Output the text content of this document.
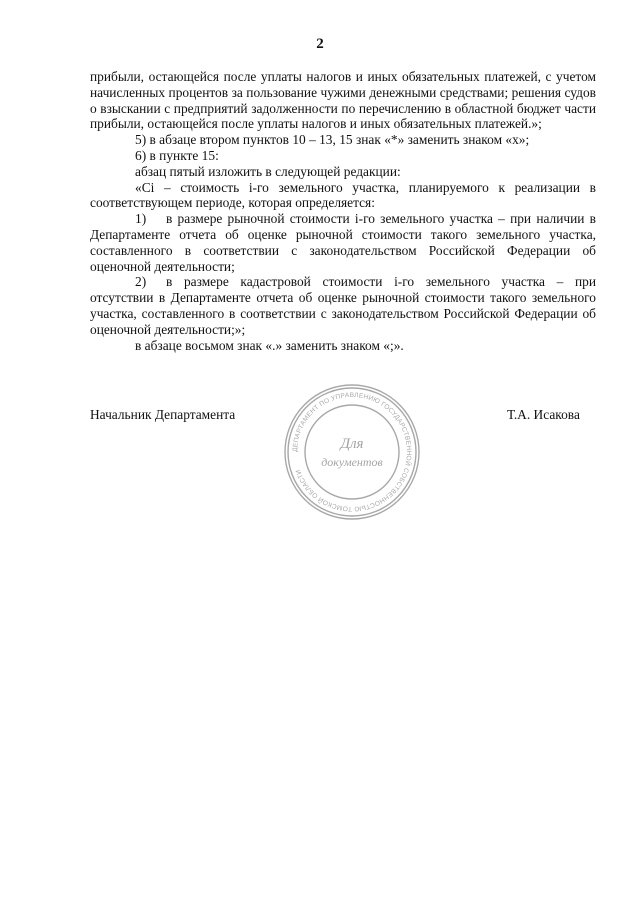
2

прибыли, остающейся после уплаты налогов и иных обязательных платежей, с учетом начисленных процентов за пользование чужими денежными средствами; решения судов о взыскании с предприятий задолженности по перечислению в областной бюджет части прибыли, остающейся после уплаты налогов и иных обязательных платежей.»;

5) в абзаце втором пунктов 10 – 13, 15 знак «*» заменить знаком «х»;

6) в пункте 15:

абзац пятый изложить в следующей редакции:

«Ci – стоимость i-го земельного участка, планируемого к реализации в соответствующем периоде, которая определяется:

1) в размере рыночной стоимости i-го земельного участка – при наличии в Департаменте отчета об оценке рыночной стоимости такого земельного участка, составленного в соответствии с законодательством Российской Федерации об оценочной деятельности;

2) в размере кадастровой стоимости i-го земельного участка – при отсутствии в Департаменте отчета об оценке рыночной стоимости такого земельного участка, составленного в соответствии с законодательством Российской Федерации об оценочной деятельности;»;

в абзаце восьмом знак «.» заменить знаком «;».

Начальник Департамента
ДЕПАРТАМЕНТ ПО УПРАВЛЕНИЮ ГОСУДАРСТВЕННОЙ СОБСТВЕННОСТЬЮ ТОМСКОЙ ОБЛАСТИ
Для
документов
Т.А. Исакова
